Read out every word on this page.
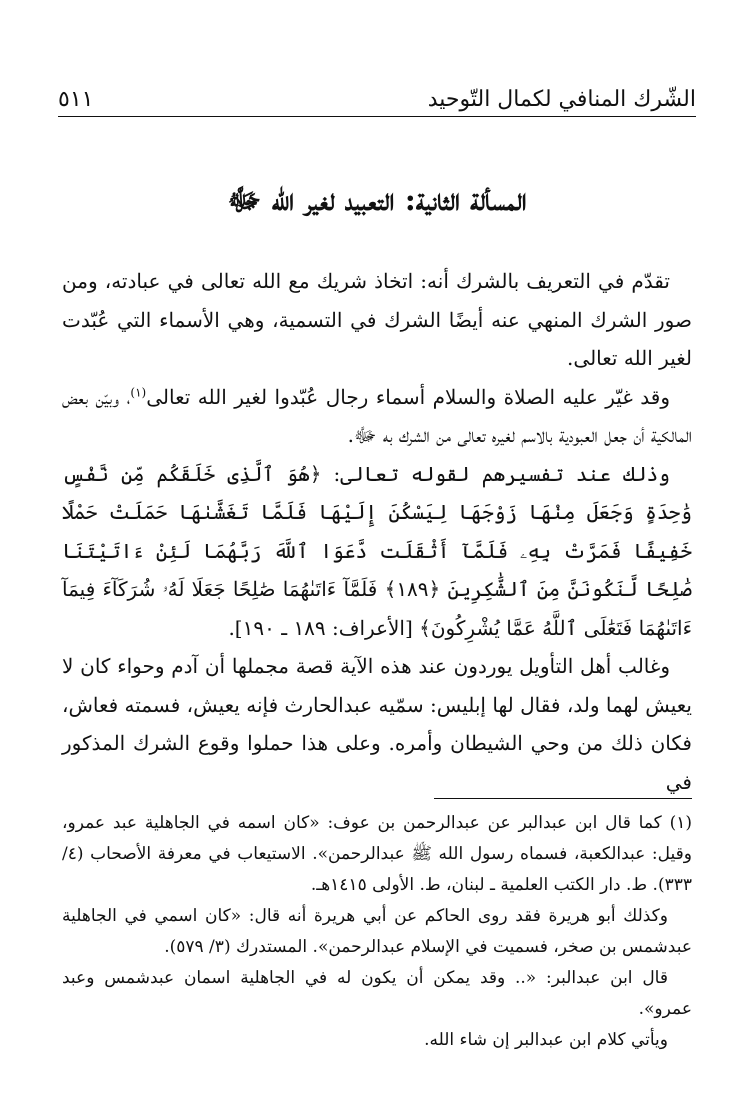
الشّرك المنافي لكمال التّوحيد
٥١١
المسألة الثانية: التعبيد لغير الله ﷻ

تقدّم في التعريف بالشرك أنه: اتخاذ شريك مع الله تعالى في عبادته، ومن صور الشرك المنهي عنه أيضًا الشرك في التسمية، وهي الأسماء التي عُبّدت لغير الله تعالى.

وقد غيّر عليه الصلاة والسلام أسماء رجال عُبّدوا لغير الله تعالى$^{(١)}$، وبيّن بعض المالكية أن جعل العبودية بالاسم لغيره تعالى من الشرك به ﷻ.

وذلك عند تفسيرهم لقوله تعالى: ﴿هُوَ ٱلَّذِى خَلَقَكُم مِّن نَّفْسٍ وَٰحِدَةٍ وَجَعَلَ مِنْهَا زَوْجَهَا لِيَسْكُنَ إِلَيْهَا فَلَمَّا تَغَشَّىٰهَا حَمَلَتْ حَمْلًا خَفِيفًا فَمَرَّتْ بِهِۦ فَلَمَّآ أَثْقَلَت دَّعَوَا ٱللَّهَ رَبَّهُمَا لَئِنْ ءَاتَيْتَنَا صَٰلِحًا لَّنَكُونَنَّ مِنَ ٱلشَّٰكِرِينَ ﴿١٨٩﴾ فَلَمَّآ ءَاتَىٰهُمَا صَٰلِحًا جَعَلَا لَهُۥ شُرَكَآءَ فِيمَآ ءَاتَىٰهُمَا فَتَعَٰلَى ٱللَّهُ عَمَّا يُشْرِكُونَ﴾ [الأعراف: ١٨٩ ـ ١٩٠].

وغالب أهل التأويل يوردون عند هذه الآية قصة مجملها أن آدم وحواء كان لا يعيش لهما ولد، فقال لها إبليس: سمّيه عبدالحارث فإنه يعيش، فسمته فعاش، فكان ذلك من وحي الشيطان وأمره. وعلى هذا حملوا وقوع الشرك المذكور في

(١) كما قال ابن عبدالبر عن عبدالرحمن بن عوف: «كان اسمه في الجاهلية عبد عمرو، وقيل: عبدالكعبة، فسماه رسول الله ﷺ عبدالرحمن». الاستيعاب في معرفة الأصحاب (٤/ ٣٣٣). ط. دار الكتب العلمية ـ لبنان، ط. الأولى ١٤١٥هـ.

وكذلك أبو هريرة فقد روى الحاكم عن أبي هريرة أنه قال: «كان اسمي في الجاهلية عبدشمس بن صخر، فسميت في الإسلام عبدالرحمن». المستدرك (٣/ ٥٧٩).

قال ابن عبدالبر: «.. وقد يمكن أن يكون له في الجاهلية اسمان عبدشمس وعبد عمرو».

ويأتي كلام ابن عبدالبر إن شاء الله.
